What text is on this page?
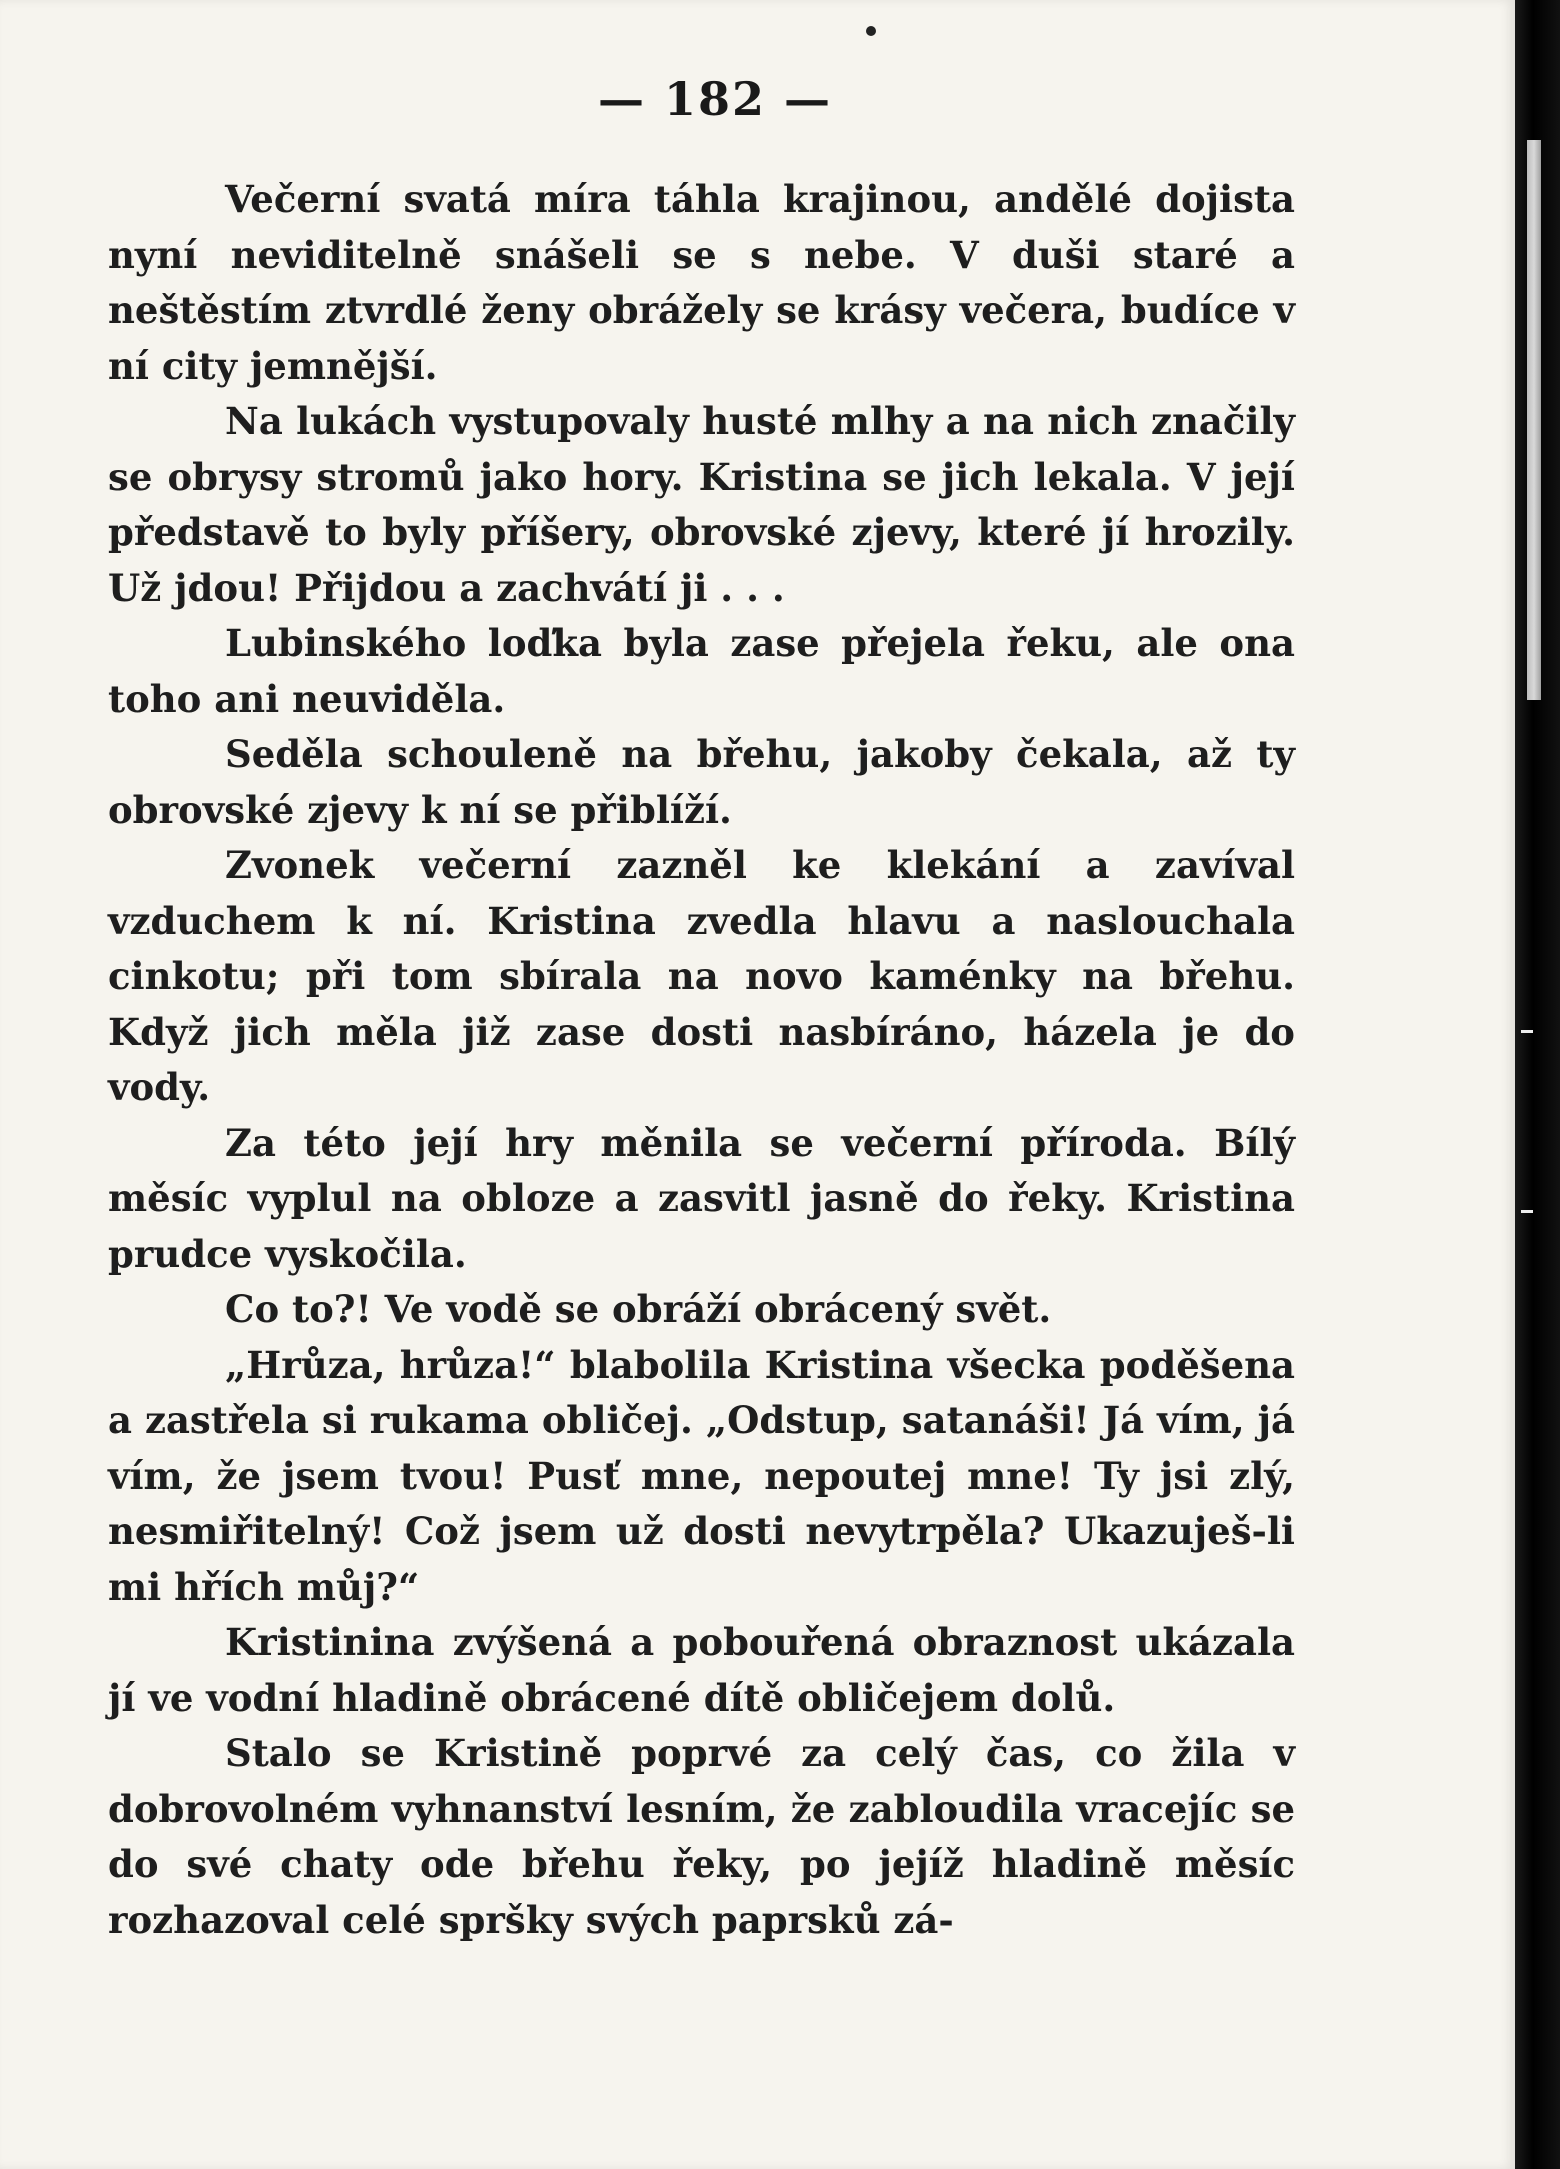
— 182 —

Večerní svatá míra táhla krajinou, andělé dojista nyní neviditelně snášeli se s nebe. V duši staré a neštěstím ztvrdlé ženy obrážely se krásy večera, budíce v ní city jemnější.

Na lukách vystupovaly husté mlhy a na nich značily se obrysy stromů jako hory. Kristina se jich lekala. V její představě to byly příšery, obrovské zjevy, které jí hrozily. Už jdou! Přijdou a zachvátí ji . . .

Lubinského loďka byla zase přejela řeku, ale ona toho ani neuviděla.

Seděla schouleně na břehu, jakoby čekala, až ty obrovské zjevy k ní se přiblíží.

Zvonek večerní zazněl ke klekání a zavíval vzduchem k ní. Kristina zvedla hlavu a naslouchala cinkotu; při tom sbírala na novo kaménky na břehu. Když jich měla již zase dosti nasbíráno, házela je do vody.

Za této její hry měnila se večerní příroda. Bílý měsíc vyplul na obloze a zasvitl jasně do řeky. Kristina prudce vyskočila.

Co to?! Ve vodě se obráží obrácený svět.

„Hrůza, hrůza!“ blabolila Kristina všecka poděšena a zastřela si rukama obličej. „Odstup, satanáši! Já vím, já vím, že jsem tvou! Pusť mne, nepoutej mne! Ty jsi zlý, nesmiřitelný! Což jsem už dosti nevytrpěla? Ukazuješ-li mi hřích můj?“

Kristinina zvýšená a pobouřená obraznost ukázala jí ve vodní hladině obrácené dítě obličejem dolů.

Stalo se Kristině poprvé za celý čas, co žila v dobrovolném vyhnanství lesním, že zabloudila vracejíc se do své chaty ode břehu řeky, po jejíž hladině měsíc rozhazoval celé spršky svých paprsků zá-
